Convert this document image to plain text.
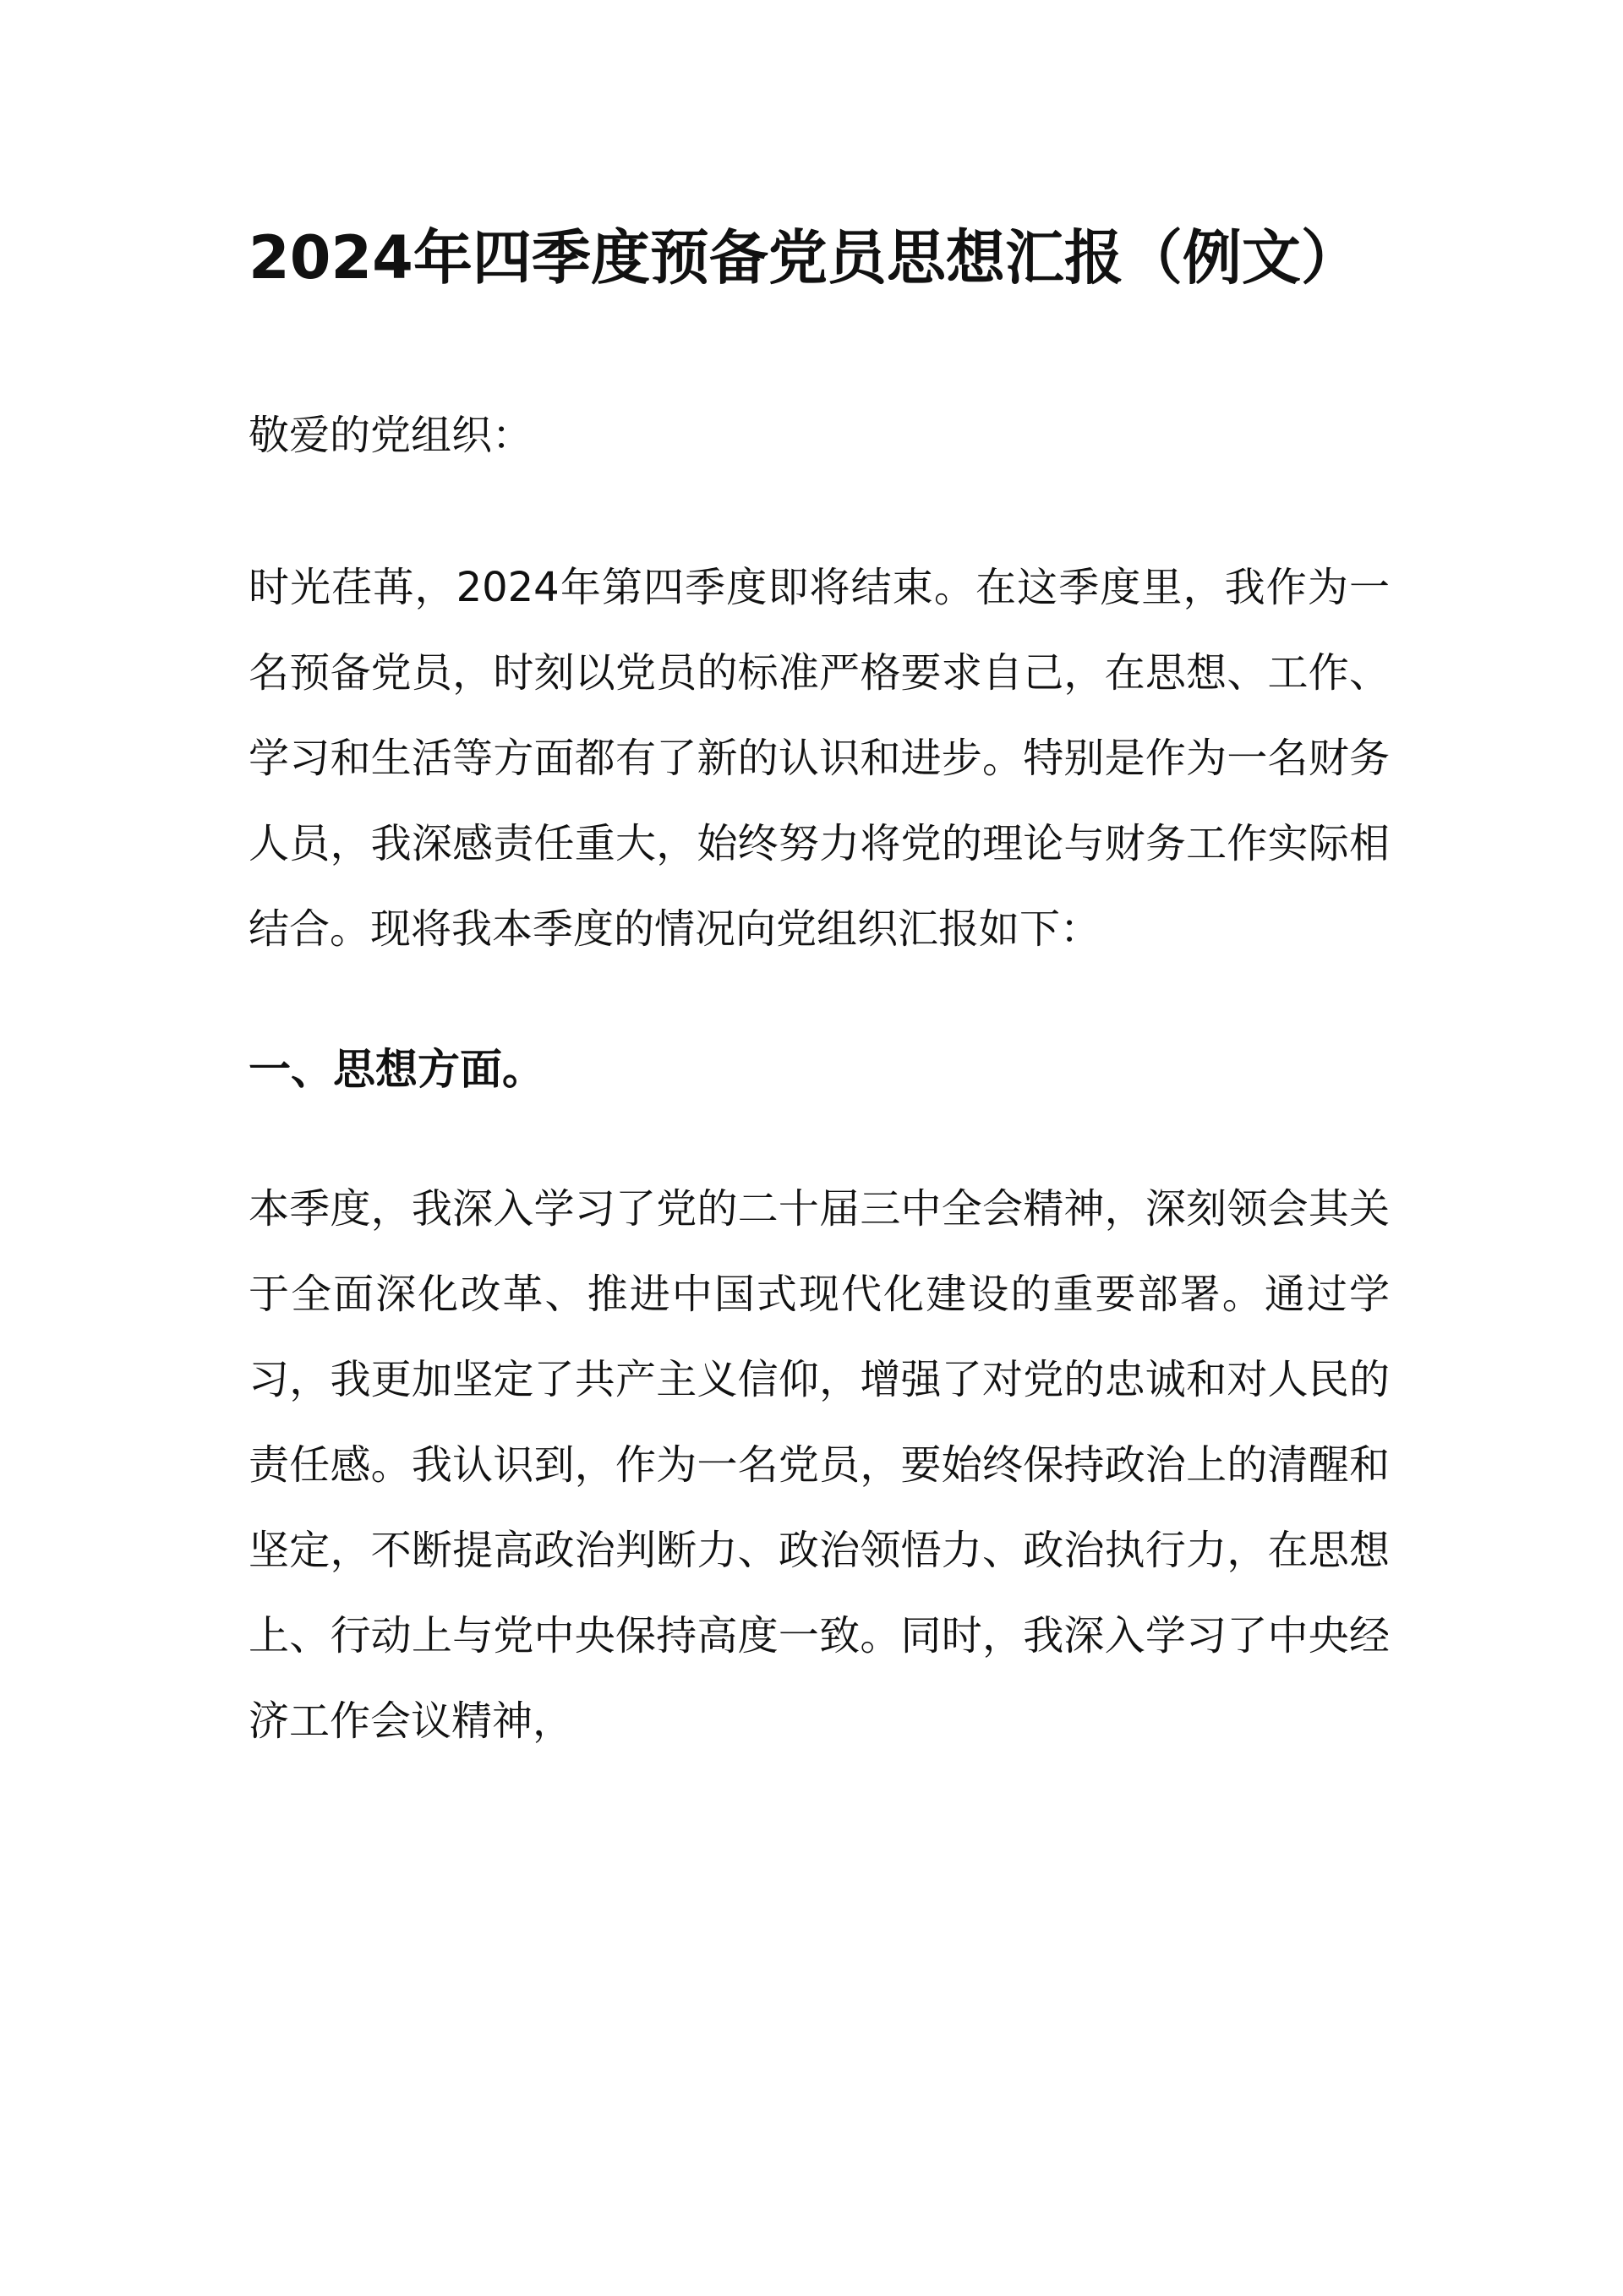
2024年四季度预备党员思想汇报（例文）

敬爱的党组织：

时光荏苒，2024年第四季度即将结束。在这季度里，我作为一名预备党员，时刻以党员的标准严格要求自己，在思想、工作、学习和生活等方面都有了新的认识和进步。特别是作为一名财务人员，我深感责任重大，始终努力将党的理论与财务工作实际相结合。现将我本季度的情况向党组织汇报如下：

一、思想方面。

本季度，我深入学习了党的二十届三中全会精神，深刻领会其关于全面深化改革、推进中国式现代化建设的重要部署。通过学习，我更加坚定了共产主义信仰，增强了对党的忠诚和对人民的责任感。我认识到，作为一名党员，要始终保持政治上的清醒和坚定，不断提高政治判断力、政治领悟力、政治执行力，在思想上、行动上与党中央保持高度一致。同时，我深入学习了中央经济工作会议精神，
